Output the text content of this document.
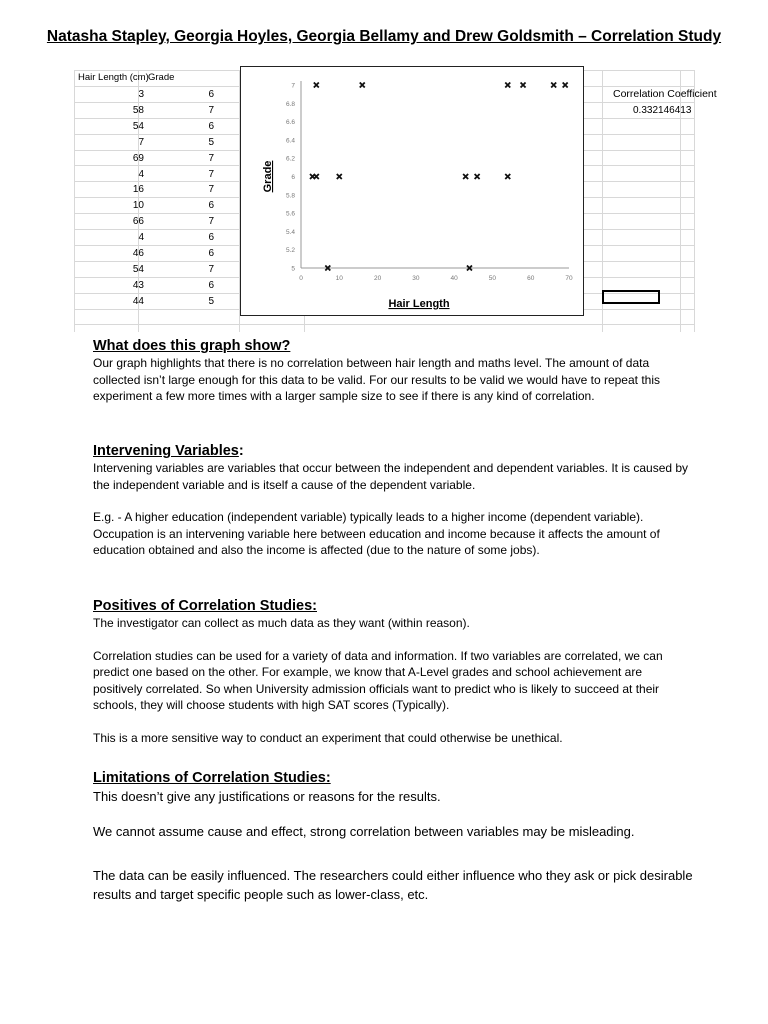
Natasha Stapley, Georgia Hoyles, Georgia Bellamy and Drew Goldsmith – Correlation Study
Hair Length (cm) Grade
3	6
58	7
54	6
7	5
69	7
4	7
16	7
10	6
66	7
4	6
46	6
54	7
43	6
44	5
5
5.2
5.4
5.6
5.8
6
6.2
6.4
6.6
6.8
7
0	10	20	30	40	50	60	70
Grade
Hair Length
Correlation Coefficient
0.332146413
What does this graph show?

Our graph highlights that there is no correlation between hair length and maths level. The amount of data collected isn’t large enough for this data to be valid. For our results to be valid we would have to repeat this experiment a few more times with a larger sample size to see if there is any kind of correlation.

Intervening Variables:

Intervening variables are variables that occur between the independent and dependent variables. It is caused by the independent variable and is itself a cause of the dependent variable.

E.g. - A higher education (independent variable) typically leads to a higher income (dependent variable). Occupation is an intervening variable here between education and income because it affects the amount of education obtained and also the income is affected (due to the nature of some jobs).

Positives of Correlation Studies:

The investigator can collect as much data as they want (within reason).

Correlation studies can be used for a variety of data and information. If two variables are correlated, we can predict one based on the other. For example, we know that A-Level grades and school achievement are positively correlated. So when University admission officials want to predict who is likely to succeed at their schools, they will choose students with high SAT scores (Typically).

This is a more sensitive way to conduct an experiment that could otherwise be unethical.

Limitations of Correlation Studies:

This doesn’t give any justifications or reasons for the results.

We cannot assume cause and effect, strong correlation between variables may be misleading.

The data can be easily influenced. The researchers could either influence who they ask or pick desirable results and target specific people such as lower-class, etc.
